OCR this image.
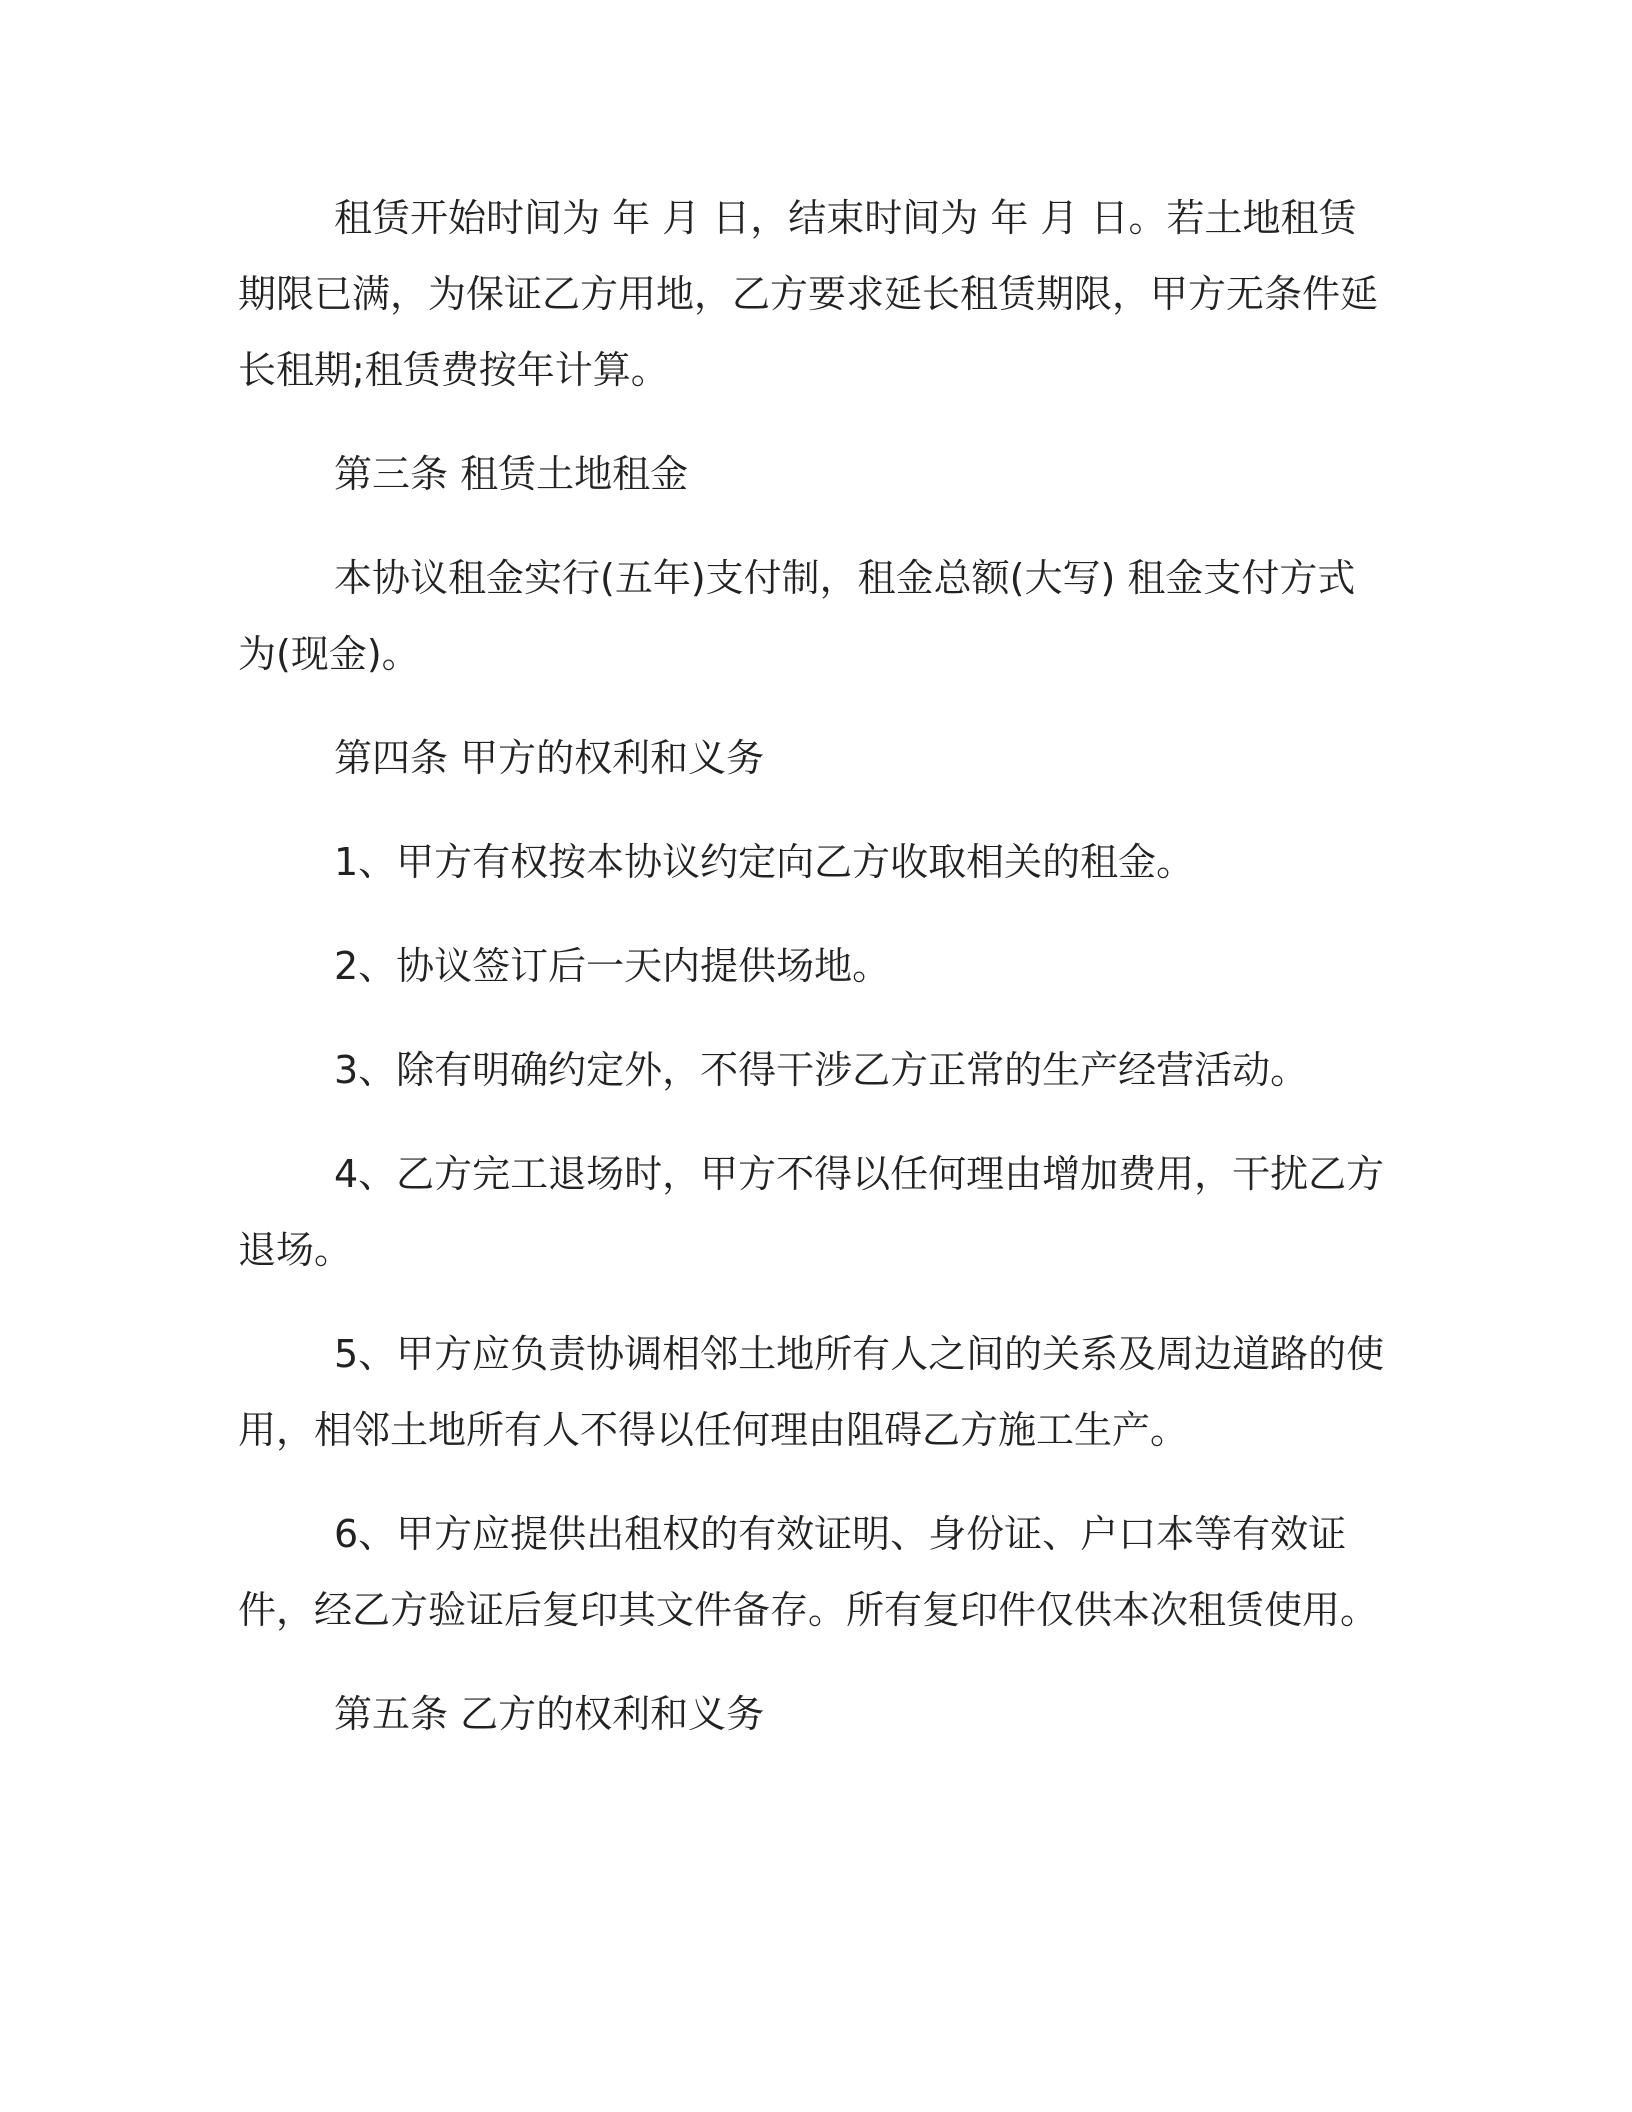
租赁开始时间为 年 月 日，结束时间为 年 月 日。若土地租赁期限已满，为保证乙方用地，乙方要求延长租赁期限，甲方无条件延长租期;租赁费按年计算。

第三条 租赁土地租金

本协议租金实行(五年)支付制，租金总额(大写) 租金支付方式为(现金)。

第四条 甲方的权利和义务

1、甲方有权按本协议约定向乙方收取相关的租金。

2、协议签订后一天内提供场地。

3、除有明确约定外，不得干涉乙方正常的生产经营活动。

4、乙方完工退场时，甲方不得以任何理由增加费用，干扰乙方退场。

5、甲方应负责协调相邻土地所有人之间的关系及周边道路的使用，相邻土地所有人不得以任何理由阻碍乙方施工生产。

6、甲方应提供出租权的有效证明、身份证、户口本等有效证件，经乙方验证后复印其文件备存。所有复印件仅供本次租赁使用。

第五条 乙方的权利和义务
